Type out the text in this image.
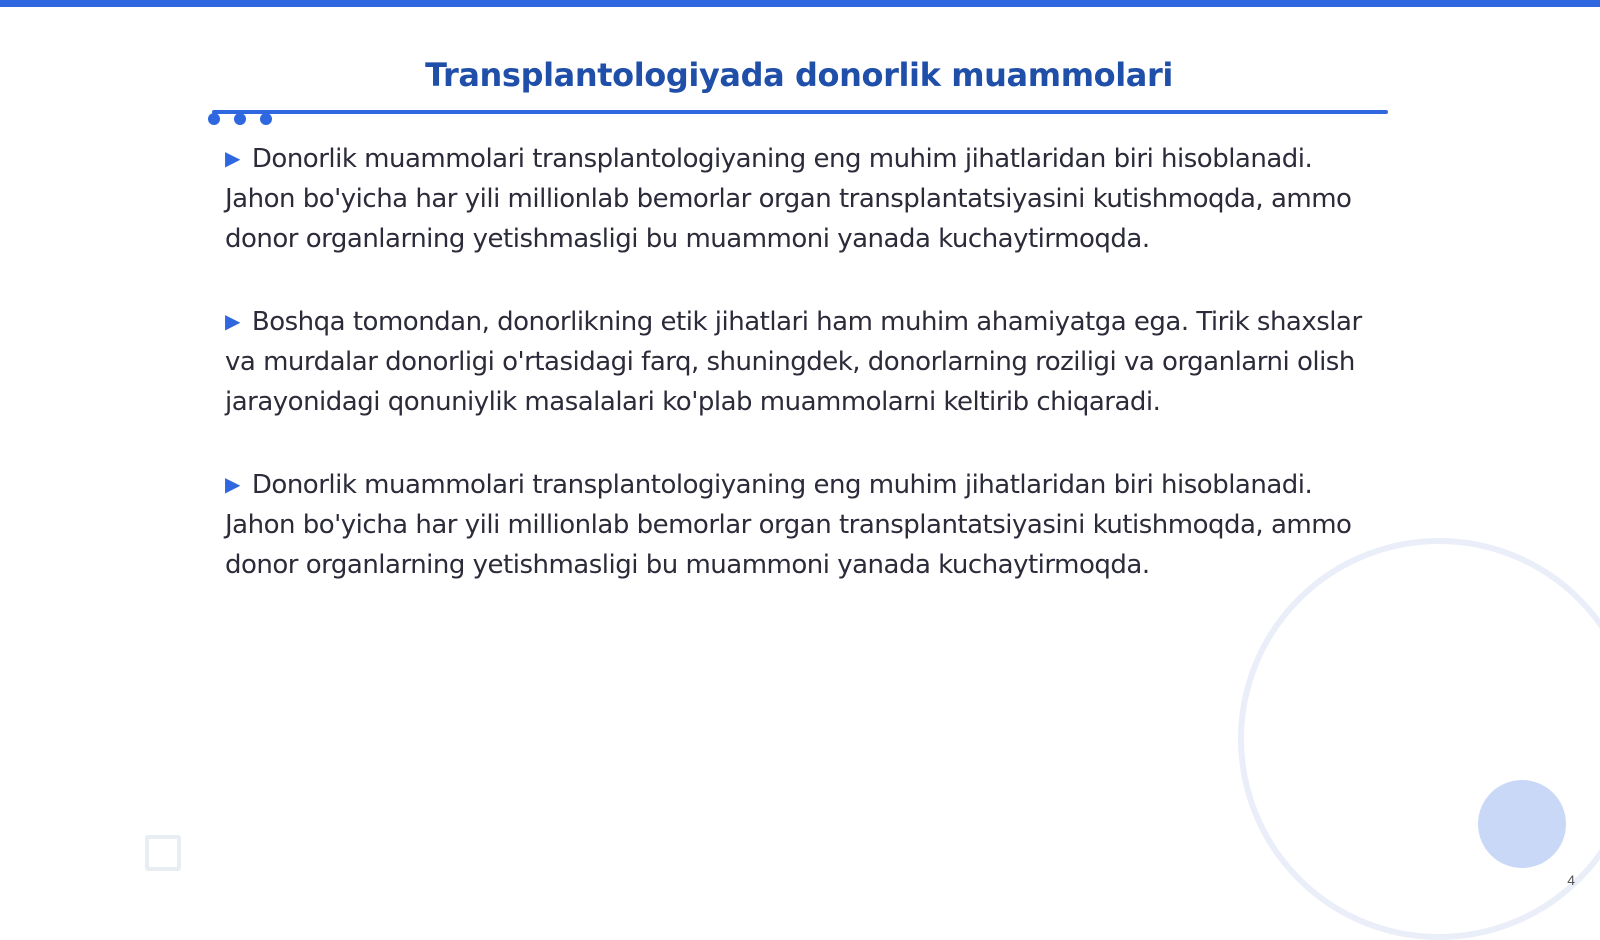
Transplantologiyada donorlik muammolari

▶ Donorlik muammolari transplantologiyaning eng muhim jihatlaridan biri hisoblanadi. Jahon bo'yicha har yili millionlab bemorlar organ transplantatsiyasini kutishmoqda, ammo donor organlarning yetishmasligi bu muammoni yanada kuchaytirmoqda.

▶ Boshqa tomondan, donorlikning etik jihatlari ham muhim ahamiyatga ega. Tirik shaxslar va murdalar donorligi o'rtasidagi farq, shuningdek, donorlarning roziligi va organlarni olish jarayonidagi qonuniylik masalalari ko'plab muammolarni keltirib chiqaradi.

▶ Donorlik muammolari transplantologiyaning eng muhim jihatlaridan biri hisoblanadi. Jahon bo'yicha har yili millionlab bemorlar organ transplantatsiyasini kutishmoqda, ammo donor organlarning yetishmasligi bu muammoni yanada kuchaytirmoqda.

4
